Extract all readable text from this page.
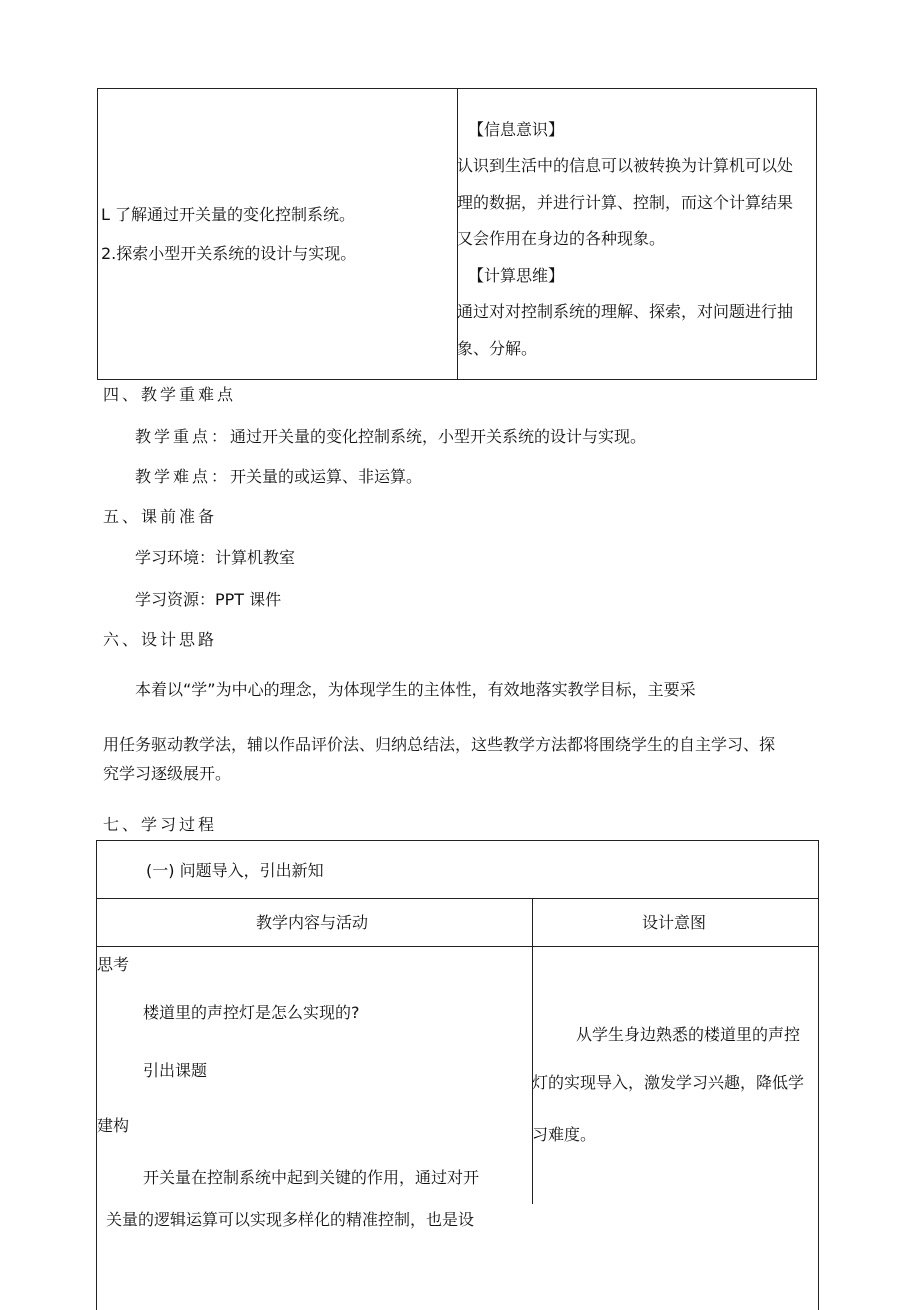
L 了解通过开关量的变化控制系统。
2.探索小型开关系统的设计与实现。
【信息意识】
认识到生活中的信息可以被转换为计算机可以处
理的数据，并进行计算、控制，而这个计算结果
又会作用在身边的各种现象。
【计算思维】
通过对对控制系统的理解、探索，对问题进行抽
象、分解。
四、教学重难点
教学重点：通过开关量的变化控制系统，小型开关系统的设计与实现。
教学难点：开关量的或运算、非运算。
五、课前准备
学习环境：计算机教室
学习资源：PPT 课件
六、设计思路
本着以“学”为中心的理念，为体现学生的主体性，有效地落实教学目标，主要采
用任务驱动教学法，辅以作品评价法、归纳总结法，这些教学方法都将围绕学生的自主学习、探
究学习逐级展开。
七、学习过程
(一) 问题导入，引出新知
教学内容与活动	设计意图
思考
楼道里的声控灯是怎么实现的?
引出课题
建构
开关量在控制系统中起到关键的作用，通过对开
关量的逻辑运算可以实现多样化的精准控制，也是设
从学生身边熟悉的楼道里的声控
灯的实现导入，激发学习兴趣，降低学
习难度。
